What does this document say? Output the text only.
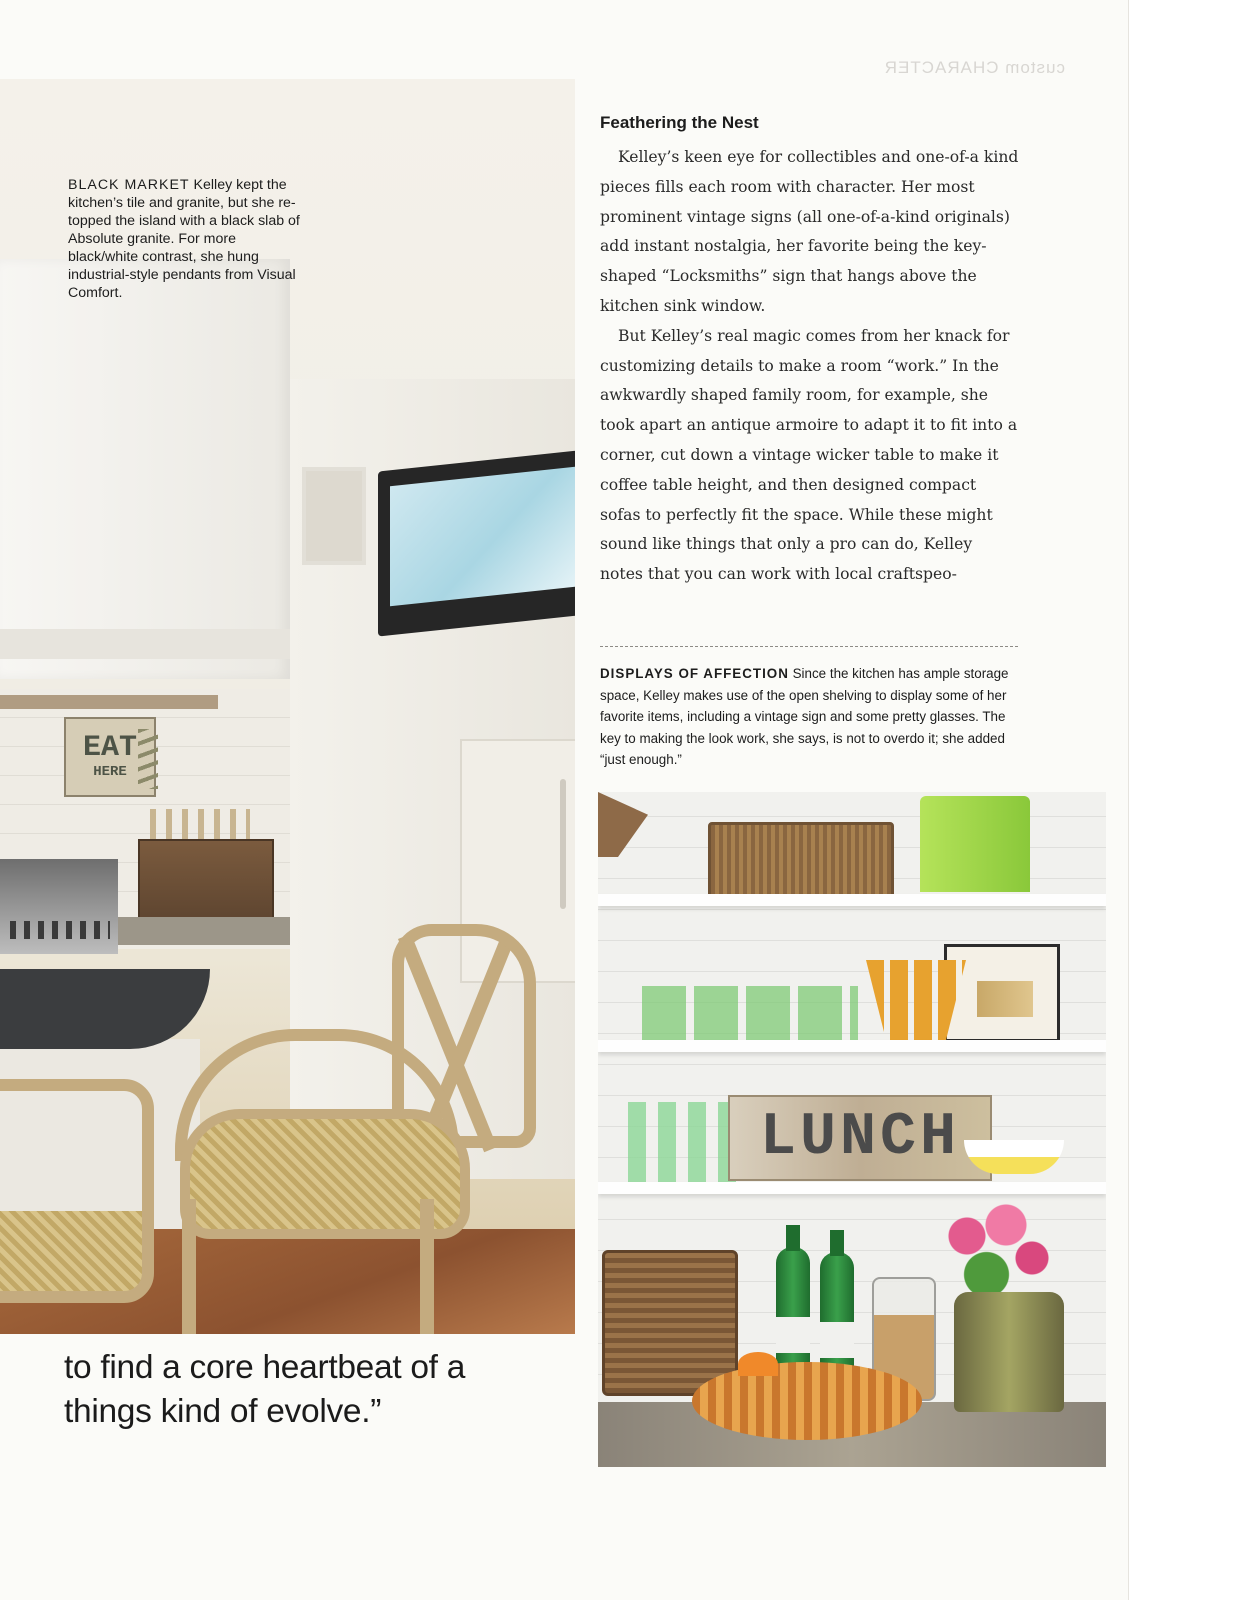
custom CHARACTER
EAT
HERE

BLACK MARKET Kelley kept the kitchen’s tile and granite, but she re-topped the island with a black slab of Absolute granite. For more black/white contrast, she hung industrial-style pendants from Visual Comfort.

Feathering the Nest

Kelley’s keen eye for collectibles and one-of-a kind pieces fills each room with character. Her most prominent vintage signs (all one-of-a-kind originals) add instant nostalgia, her favorite being the key-shaped “Locksmiths” sign that hangs above the kitchen sink window.

But Kelley’s real magic comes from her knack for customizing details to make a room “work.” In the awkwardly shaped family room, for example, she took apart an antique armoire to adapt it to fit into a corner, cut down a vintage wicker table to make it coffee table height, and then designed compact sofas to perfectly fit the space. While these might sound like things that only a pro can do, Kelley notes that you can work with local craftspeo-

DISPLAYS OF AFFECTION Since the kitchen has ample storage space, Kelley makes use of the open shelving to display some of her favorite items, including a vintage sign and some pretty glasses. The key to making the look work, she says, is not to overdo it; she added “just enough.”

LUNCH

to find a core heartbeat of a
things kind of evolve.”
